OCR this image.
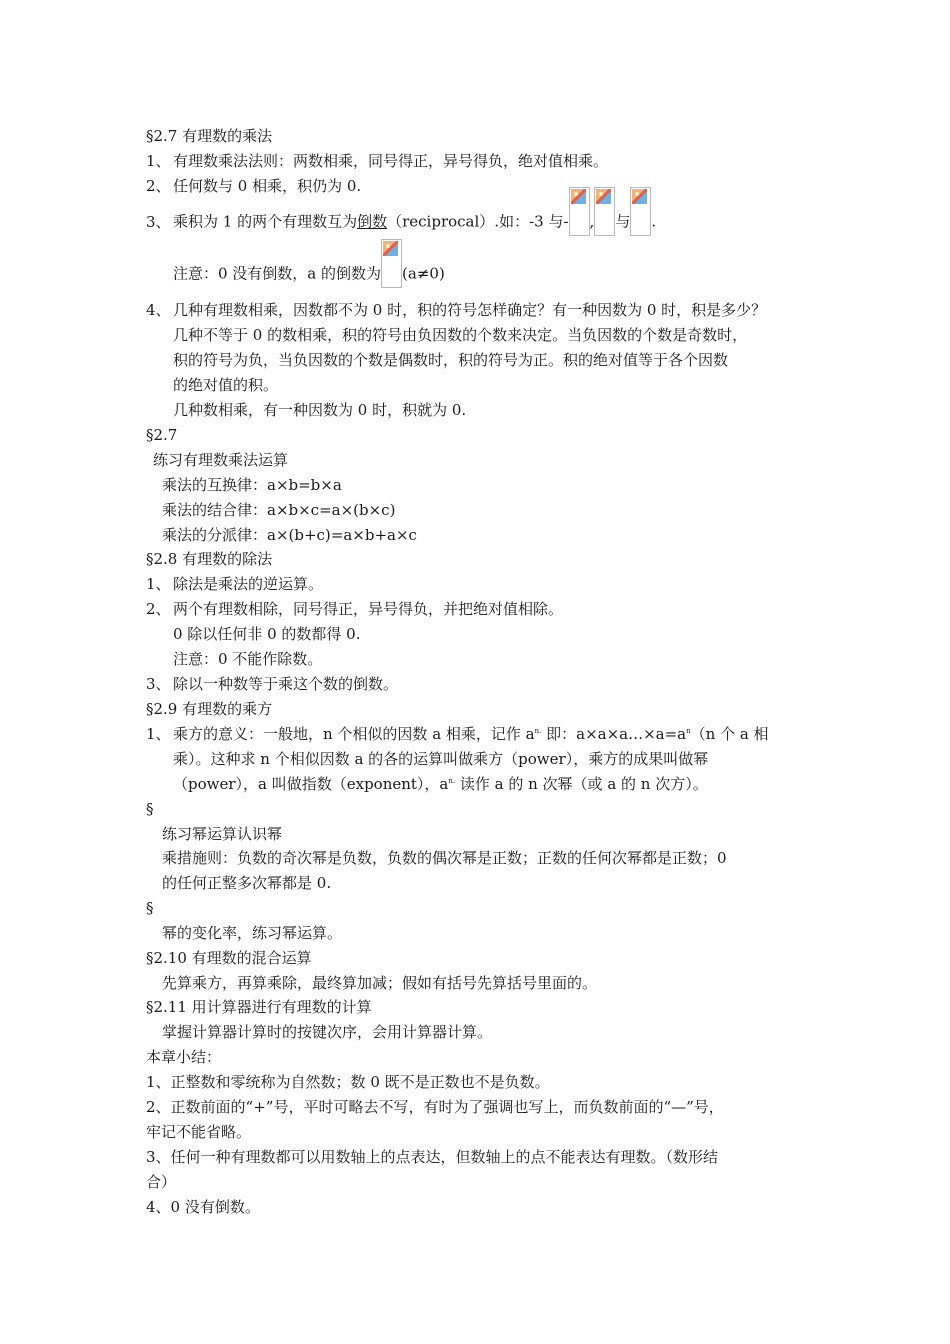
§2.7 有理数的乘法
1、 有理数乘法法则：两数相乘，同号得正，异号得负，绝对值相乘。
2、 任何数与 0 相乘，积仍为 0.
3、 乘积为 1 的两个有理数互为倒数（reciprocal）.如：-3 与- , 与 .
注意：0 没有倒数，a 的倒数为 (a≠0)
4、 几种有理数相乘，因数都不为 0 时，积的符号怎样确定？有一种因数为 0 时，积是多少？
几种不等于 0 的数相乘，积的符号由负因数的个数来决定。当负因数的个数是奇数时，
积的符号为负，当负因数的个数是偶数时，积的符号为正。积的绝对值等于各个因数
的绝对值的积。
几种数相乘，有一种因数为 0 时，积就为 0.
§2.7
练习有理数乘法运算
乘法的互换律：a×b=b×a
乘法的结合律：a×b×c=a×(b×c)
乘法的分派律：a×(b+c)=a×b+a×c
§2.8 有理数的除法
1、 除法是乘法的逆运算。
2、 两个有理数相除，同号得正，异号得负，并把绝对值相除。
0 除以任何非 0 的数都得 0.
注意：0 不能作除数。
3、 除以一种数等于乘这个数的倒数。
§2.9 有理数的乘方
1、 乘方的意义：一般地，n 个相似的因数 a 相乘，记作 $a^{n.}$ 即：$a\times a\times a\dots\times a=a^n(n$ 个 a 相
乘）。这种求 n 个相似因数 a 的各的运算叫做乘方（power），乘方的成果叫做幂
（power），a 叫做指数（exponent），$a^{n.}$ 读作 a 的 n 次幂（或 a 的 n 次方）。
§
练习幂运算认识幂
乘措施则：负数的奇次幂是负数，负数的偶次幂是正数；正数的任何次幂都是正数；0
的任何正整多次幂都是 0.
§
幂的变化率，练习幂运算。
§2.10 有理数的混合运算
先算乘方，再算乘除，最终算加减；假如有括号先算括号里面的。
§2.11 用计算器进行有理数的计算
掌握计算器计算时的按键次序，会用计算器计算。
本章小结：
1、正整数和零统称为自然数；数 0 既不是正数也不是负数。
2、正数前面的“+”号，平时可略去不写，有时为了强调也写上，而负数前面的“—”号，
牢记不能省略。
3、任何一种有理数都可以用数轴上的点表达，但数轴上的点不能表达有理数。（数形结
合）
4、0 没有倒数。
